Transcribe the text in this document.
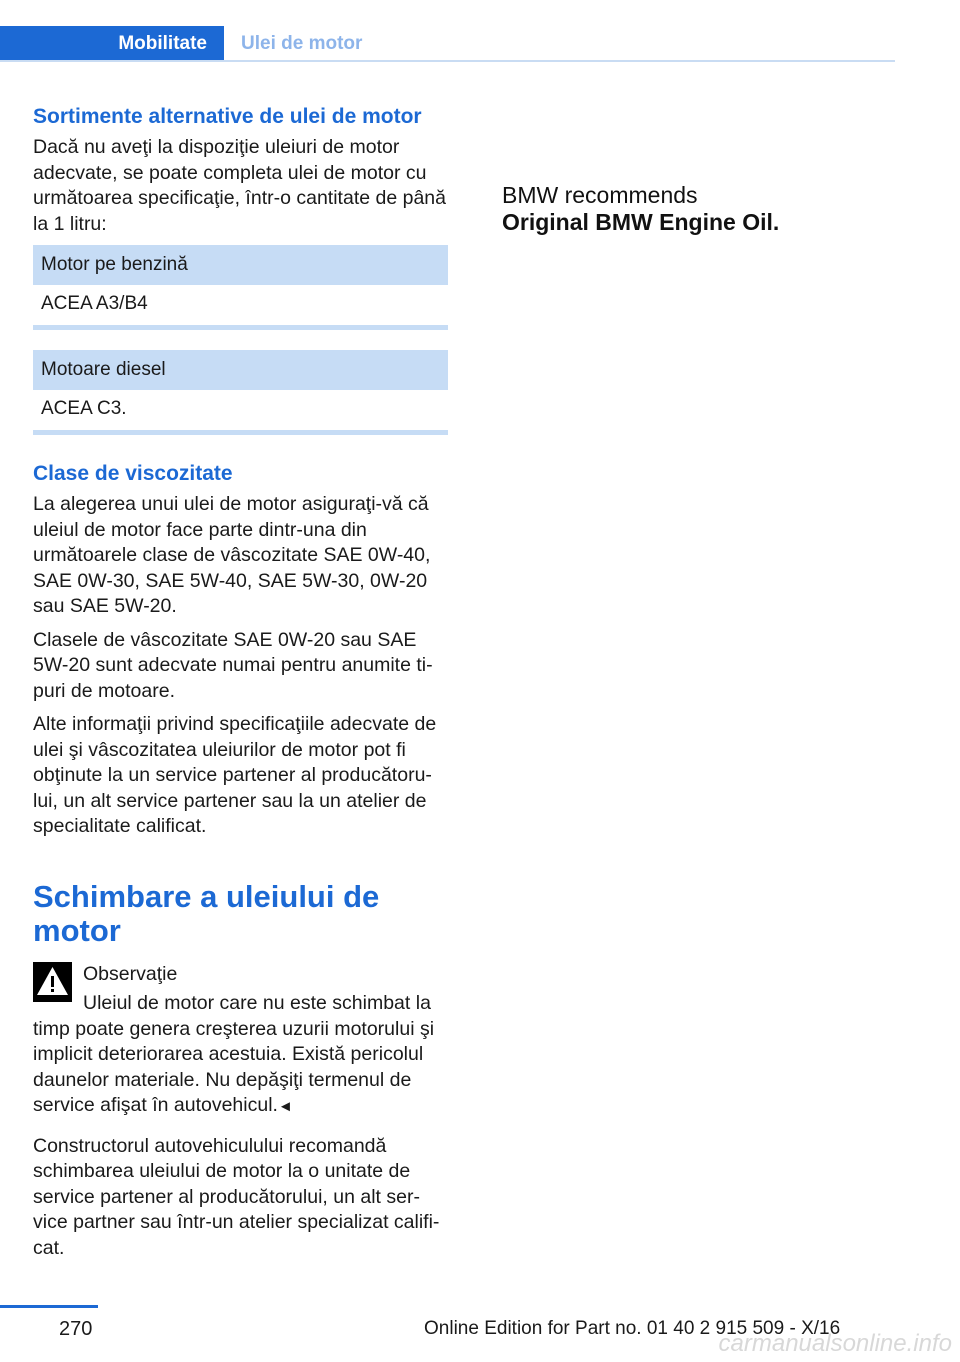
Mobilitate	Ulei de motor
Sortimente alternative de ulei de motor

Dacă nu aveţi la dispoziţie uleiuri de motor adecvate, se poate completa ulei de motor cu următoarea specificaţie, într-o cantitate de până la 1 litru:

Motor pe benzină
ACEA A3/B4
Motoare diesel
ACEA C3.
Clase de viscozitate

La alegerea unui ulei de motor asiguraţi-vă că uleiul de motor face parte dintr-una din următoarele clase de vâscozitate SAE 0W-40, SAE 0W-30, SAE 5W-40, SAE 5W-30, 0W-20 sau SAE 5W-20.

Clasele de vâscozitate SAE 0W-20 sau SAE 5W-20 sunt adecvate numai pentru anumite ti-puri de motoare.

Alte informaţii privind specificaţiile adecvate de ulei şi vâscozitatea uleiurilor de motor pot fi obţinute la un service partener al producătoru-lui, un alt service partener sau la un atelier de specialitate calificat.

Schimbare a uleiului de motor

Observaţie

Uleiul de motor care nu este schimbat la timp poate genera creşterea uzurii motorului şi implicit deteriorarea acestuia. Există pericolul daunelor materiale. Nu depăşiţi termenul de service afişat în autovehicul.◄

Constructorul autovehiculului recomandă schimbarea uleiului de motor la o unitate de service partener al producătorului, un alt ser-vice partner sau într-un atelier specializat califi-cat.

BMW recommends
Original BMW Engine Oil.
270	Online Edition for Part no. 01 40 2 915 509 - X/16
carmanualsonline.info
